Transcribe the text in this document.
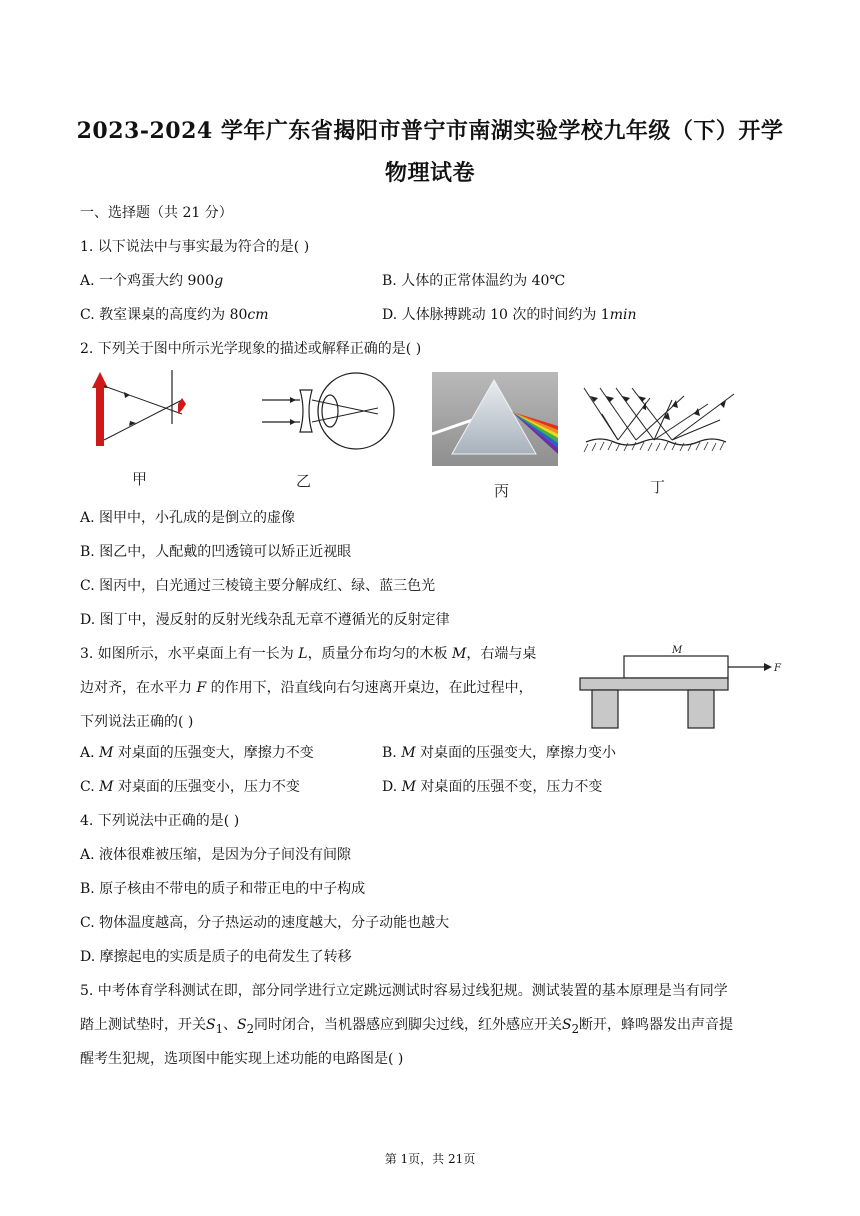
2023-2024 学年广东省揭阳市普宁市南湖实验学校九年级（下）开学
物理试卷
一、选择题（共 21 分）
1. 以下说法中与事实最为符合的是( )
A. 一个鸡蛋大约 900g	B. 人体的正常体温约为 40℃
C. 教室课桌的高度约为 80cm	D. 人体脉搏跳动 10 次的时间约为 1min
2. 下列关于图中所示光学现象的描述或解释正确的是( )
甲	乙
丙	丁
A. 图甲中，小孔成的是倒立的虚像
B. 图乙中，人配戴的凹透镜可以矫正近视眼
C. 图丙中，白光通过三棱镜主要分解成红、绿、蓝三色光
D. 图丁中，漫反射的反射光线杂乱无章不遵循光的反射定律
3. 如图所示，水平桌面上有一长为 L，质量分布均匀的木板 M，右端与桌
边对齐，在水平力 F 的作用下，沿直线向右匀速离开桌边，在此过程中，
下列说法正确的( )
M
F
A. M 对桌面的压强变大，摩擦力不变	B. M 对桌面的压强变大，摩擦力变小
C. M 对桌面的压强变小，压力不变	D. M 对桌面的压强不变，压力不变
4. 下列说法中正确的是( )
A. 液体很难被压缩，是因为分子间没有间隙
B. 原子核由不带电的质子和带正电的中子构成
C. 物体温度越高，分子热运动的速度越大，分子动能也越大
D. 摩擦起电的实质是质子的电荷发生了转移
5. 中考体育学科测试在即，部分同学进行立定跳远测试时容易过线犯规。测试装置的基本原理是当有同学
踏上测试垫时，开关$S_1$、$S_2$同时闭合，当机器感应到脚尖过线，红外感应开关$S_2$断开，蜂鸣器发出声音提
醒考生犯规，选项图中能实现上述功能的电路图是( )
第 1页，共 21页
